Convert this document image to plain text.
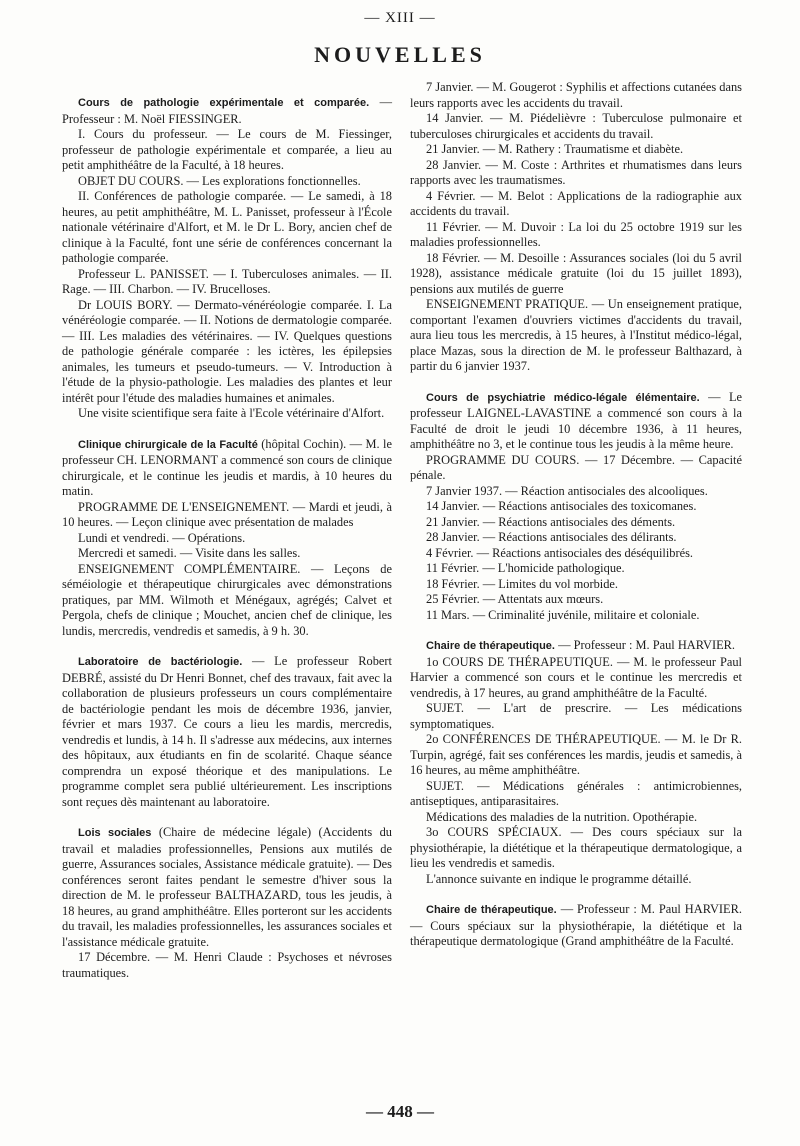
— XIII —
NOUVELLES

Cours de pathologie expérimentale et comparée. — Professeur : M. Noël FIESSINGER.

I. Cours du professeur. — Le cours de M. Fiessinger, professeur de pathologie expérimentale et comparée, a lieu au petit amphithéâtre de la Faculté, à 18 heures.

OBJET DU COURS. — Les explorations fonctionnelles.

II. Conférences de pathologie comparée. — Le samedi, à 18 heures, au petit amphithéâtre, M. L. Panisset, professeur à l'École nationale vétérinaire d'Alfort, et M. le Dr L. Bory, ancien chef de clinique à la Faculté, font une série de conférences concernant la pathologie comparée.

Professeur L. PANISSET. — I. Tuberculoses animales. — II. Rage. — III. Charbon. — IV. Brucelloses.

Dr LOUIS BORY. — Dermato-vénéréologie comparée. I. La vénéréologie comparée. — II. Notions de dermatologie comparée. — III. Les maladies des vétérinaires. — IV. Quelques questions de pathologie générale comparée : les ictères, les épilepsies animales, les tumeurs et pseudo-tumeurs. — V. Introduction à l'étude de la physio-pathologie. Les maladies des plantes et leur intérêt pour l'étude des maladies humaines et animales.

Une visite scientifique sera faite à l'Ecole vétérinaire d'Alfort.

Clinique chirurgicale de la Faculté (hôpital Cochin). — M. le professeur CH. LENORMANT a commencé son cours de clinique chirurgicale, et le continue les jeudis et mardis, à 10 heures du matin.

PROGRAMME DE L'ENSEIGNEMENT. — Mardi et jeudi, à 10 heures. — Leçon clinique avec présentation de malades

Lundi et vendredi. — Opérations.

Mercredi et samedi. — Visite dans les salles.

ENSEIGNEMENT COMPLÉMENTAIRE. — Leçons de séméiologie et thérapeutique chirurgicales avec démonstrations pratiques, par MM. Wilmoth et Ménégaux, agrégés; Calvet et Pergola, chefs de clinique ; Mouchet, ancien chef de clinique, les lundis, mercredis, vendredis et samedis, à 9 h. 30.

Laboratoire de bactériologie. — Le professeur Robert DEBRÉ, assisté du Dr Henri Bonnet, chef des travaux, fait avec la collaboration de plusieurs professeurs un cours complémentaire de bactériologie pendant les mois de décembre 1936, janvier, février et mars 1937. Ce cours a lieu les mardis, mercredis, vendredis et lundis, à 14 h. Il s'adresse aux médecins, aux internes des hôpitaux, aux étudiants en fin de scolarité. Chaque séance comprendra un exposé théorique et des manipulations. Le programme complet sera publié ultérieurement. Les inscriptions sont reçues dès maintenant au laboratoire.

Lois sociales (Chaire de médecine légale) (Accidents du travail et maladies professionnelles, Pensions aux mutilés de guerre, Assurances sociales, Assistance médicale gratuite). — Des conférences seront faites pendant le semestre d'hiver sous la direction de M. le professeur BALTHAZARD, tous les jeudis, à 18 heures, au grand amphithéâtre. Elles porteront sur les accidents du travail, les maladies professionnelles, les assurances sociales et l'assistance médicale gratuite.

17 Décembre. — M. Henri Claude : Psychoses et névroses traumatiques.

7 Janvier. — M. Gougerot : Syphilis et affections cutanées dans leurs rapports avec les accidents du travail.

14 Janvier. — M. Piédelièvre : Tuberculose pulmonaire et tuberculoses chirurgicales et accidents du travail.

21 Janvier. — M. Rathery : Traumatisme et diabète.

28 Janvier. — M. Coste : Arthrites et rhumatismes dans leurs rapports avec les traumatismes.

4 Février. — M. Belot : Applications de la radiographie aux accidents du travail.

11 Février. — M. Duvoir : La loi du 25 octobre 1919 sur les maladies professionnelles.

18 Février. — M. Desoille : Assurances sociales (loi du 5 avril 1928), assistance médicale gratuite (loi du 15 juillet 1893), pensions aux mutilés de guerre

ENSEIGNEMENT PRATIQUE. — Un enseignement pratique, comportant l'examen d'ouvriers victimes d'accidents du travail, aura lieu tous les mercredis, à 15 heures, à l'Institut médico-légal, place Mazas, sous la direction de M. le professeur Balthazard, à partir du 6 janvier 1937.

Cours de psychiatrie médico-légale élémentaire. — Le professeur LAIGNEL-LAVASTINE a commencé son cours à la Faculté de droit le jeudi 10 décembre 1936, à 11 heures, amphithéâtre no 3, et le continue tous les jeudis à la même heure.

PROGRAMME DU COURS. — 17 Décembre. — Capacité pénale.

7 Janvier 1937. — Réaction antisociales des alcooliques.

14 Janvier. — Réactions antisociales des toxicomanes.

21 Janvier. — Réactions antisociales des déments.

28 Janvier. — Réactions antisociales des délirants.

4 Février. — Réactions antisociales des déséquilibrés.

11 Février. — L'homicide pathologique.

18 Février. — Limites du vol morbide.

25 Février. — Attentats aux mœurs.

11 Mars. — Criminalité juvénile, militaire et coloniale.

Chaire de thérapeutique. — Professeur : M. Paul HARVIER.

1o COURS DE THÉRAPEUTIQUE. — M. le professeur Paul Harvier a commencé son cours et le continue les mercredis et vendredis, à 17 heures, au grand amphithéâtre de la Faculté.

SUJET. — L'art de prescrire. — Les médications symptomatiques.

2o CONFÉRENCES DE THÉRAPEUTIQUE. — M. le Dr R. Turpin, agrégé, fait ses conférences les mardis, jeudis et samedis, à 16 heures, au même amphithéâtre.

SUJET. — Médications générales : antimicrobiennes, antiseptiques, antiparasitaires.

Médications des maladies de la nutrition. Opothérapie.

3o COURS SPÉCIAUX. — Des cours spéciaux sur la physiothérapie, la diététique et la thérapeutique dermatologique, a lieu les vendredis et samedis.

L'annonce suivante en indique le programme détaillé.

Chaire de thérapeutique. — Professeur : M. Paul HARVIER. — Cours spéciaux sur la physiothérapie, la diététique et la thérapeutique dermatologique (Grand amphithéâtre de la Faculté.

— 448 —
